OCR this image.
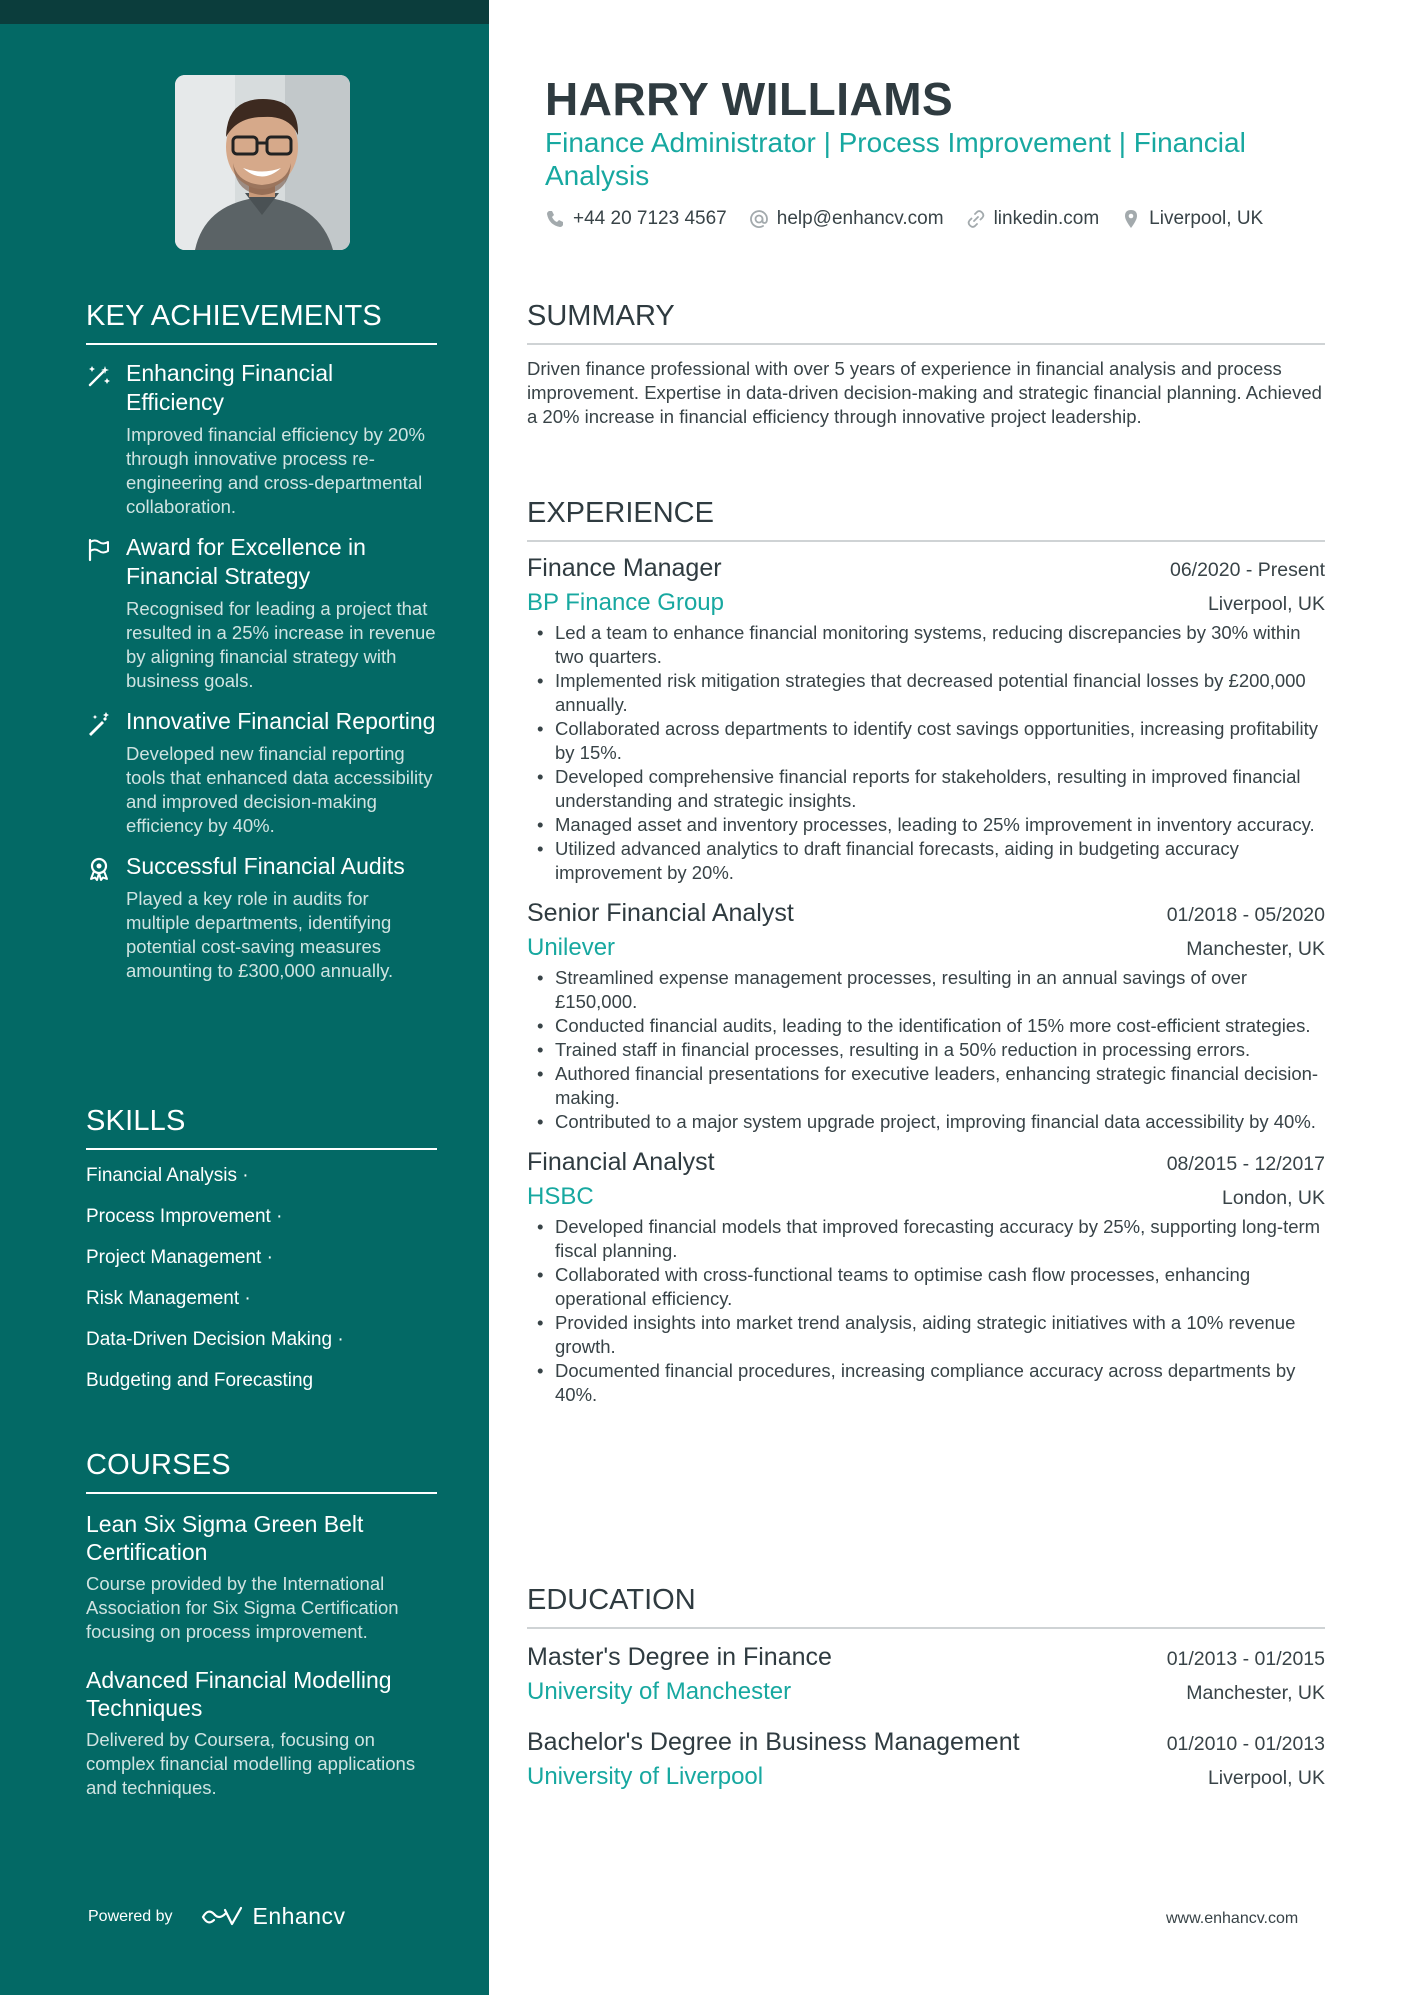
KEY ACHIEVEMENTS
Enhancing Financial Efficiency
Improved financial efficiency by 20% through innovative process re-engineering and cross-departmental collaboration.
Award for Excellence in Financial Strategy
Recognised for leading a project that resulted in a 25% increase in revenue by aligning financial strategy with business goals.
Innovative Financial Reporting
Developed new financial reporting tools that enhanced data accessibility and improved decision-making efficiency by 40%.
Successful Financial Audits
Played a key role in audits for multiple departments, identifying potential cost-saving measures amounting to £300,000 annually.
SKILLS
Financial Analysis ·
Process Improvement ·
Project Management ·
Risk Management ·
Data-Driven Decision Making ·
Budgeting and Forecasting
COURSES
Lean Six Sigma Green Belt Certification
Course provided by the International Association for Six Sigma Certification focusing on process improvement.
Advanced Financial Modelling Techniques
Delivered by Coursera, focusing on complex financial modelling applications and techniques.
Powered by	Enhancv
HARRY WILLIAMS
Finance Administrator | Process Improvement | Financial Analysis
+44 20 7123 4567	help@enhancv.com	linkedin.com	Liverpool, UK
SUMMARY
Driven finance professional with over 5 years of experience in financial analysis and process improvement. Expertise in data-driven decision-making and strategic financial planning. Achieved a 20% increase in financial efficiency through innovative project leadership.
EXPERIENCE
Finance Manager	06/2020 - Present
BP Finance Group	Liverpool, UK
• Led a team to enhance financial monitoring systems, reducing discrepancies by 30% within two quarters.
• Implemented risk mitigation strategies that decreased potential financial losses by £200,000 annually.
• Collaborated across departments to identify cost savings opportunities, increasing profitability by 15%.
• Developed comprehensive financial reports for stakeholders, resulting in improved financial understanding and strategic insights.
• Managed asset and inventory processes, leading to 25% improvement in inventory accuracy.
• Utilized advanced analytics to draft financial forecasts, aiding in budgeting accuracy improvement by 20%.
Senior Financial Analyst	01/2018 - 05/2020
Unilever	Manchester, UK
• Streamlined expense management processes, resulting in an annual savings of over £150,000.
• Conducted financial audits, leading to the identification of 15% more cost-efficient strategies.
• Trained staff in financial processes, resulting in a 50% reduction in processing errors.
• Authored financial presentations for executive leaders, enhancing strategic financial decision-making.
• Contributed to a major system upgrade project, improving financial data accessibility by 40%.
Financial Analyst	08/2015 - 12/2017
HSBC	London, UK
• Developed financial models that improved forecasting accuracy by 25%, supporting long-term fiscal planning.
• Collaborated with cross-functional teams to optimise cash flow processes, enhancing operational efficiency.
• Provided insights into market trend analysis, aiding strategic initiatives with a 10% revenue growth.
• Documented financial procedures, increasing compliance accuracy across departments by 40%.
EDUCATION
Master's Degree in Finance	01/2013 - 01/2015
University of Manchester	Manchester, UK
Bachelor's Degree in Business Management	01/2010 - 01/2013
University of Liverpool	Liverpool, UK
www.enhancv.com
